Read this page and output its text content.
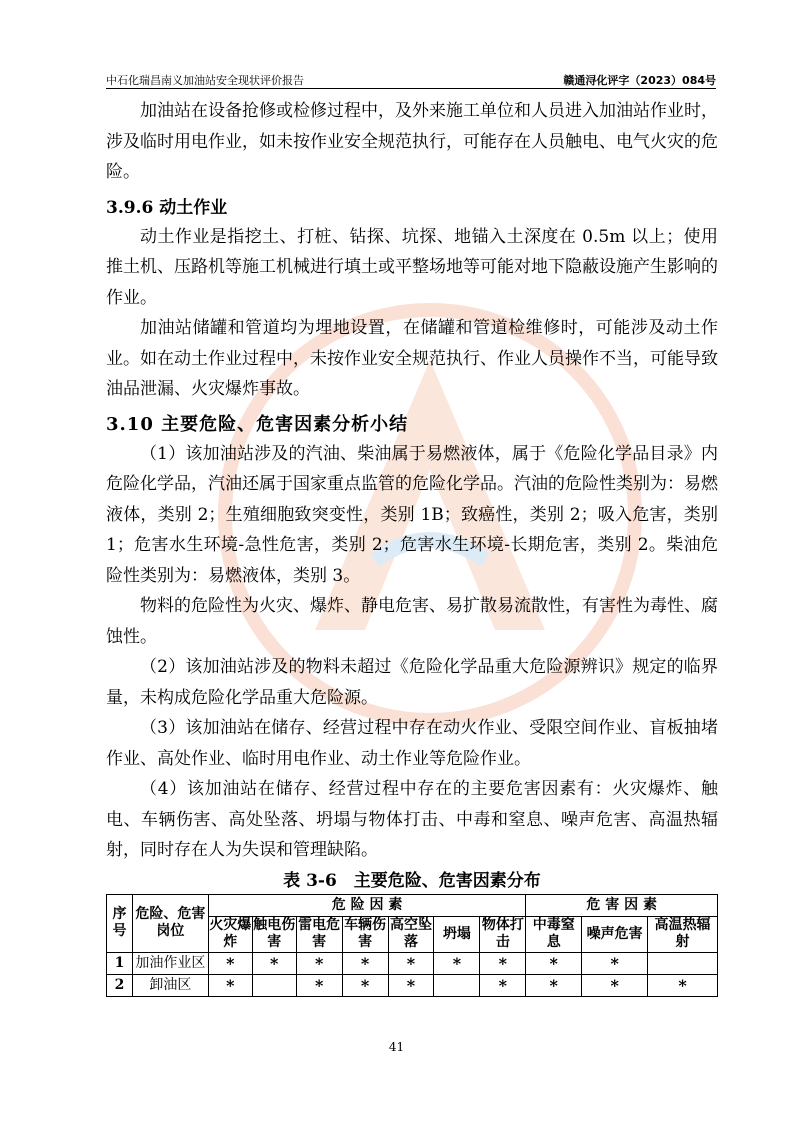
中石化瑞昌南义加油站安全现状评价报告	赣通浔化评字（2023）084号

加油站在设备抢修或检修过程中，及外来施工单位和人员进入加油站作业时，涉及临时用电作业，如未按作业安全规范执行，可能存在人员触电、电气火灾的危险。

3.9.6 动土作业

动土作业是指挖土、打桩、钻探、坑探、地锚入土深度在 0.5m 以上；使用推土机、压路机等施工机械进行填土或平整场地等可能对地下隐蔽设施产生影响的作业。

加油站储罐和管道均为埋地设置，在储罐和管道检维修时，可能涉及动土作业。如在动土作业过程中，未按作业安全规范执行、作业人员操作不当，可能导致油品泄漏、火灾爆炸事故。

3.10 主要危险、危害因素分析小结

（1）该加油站涉及的汽油、柴油属于易燃液体，属于《危险化学品目录》内危险化学品，汽油还属于国家重点监管的危险化学品。汽油的危险性类别为：易燃液体，类别 2；生殖细胞致突变性，类别 1B；致癌性，类别 2；吸入危害，类别 1；危害水生环境-急性危害，类别 2；危害水生环境-长期危害，类别 2。柴油危险性类别为：易燃液体，类别 3。

物料的危险性为火灾、爆炸、静电危害、易扩散易流散性，有害性为毒性、腐蚀性。

（2）该加油站涉及的物料未超过《危险化学品重大危险源辨识》规定的临界量，未构成危险化学品重大危险源。

（3）该加油站在储存、经营过程中存在动火作业、受限空间作业、盲板抽堵作业、高处作业、临时用电作业、动土作业等危险作业。

（4）该加油站在储存、经营过程中存在的主要危害因素有：火灾爆炸、触电、车辆伤害、高处坠落、坍塌与物体打击、中毒和窒息、噪声危害、高温热辐射，同时存在人为失误和管理缺陷。

表 3-6　主要危险、危害因素分布
序号	危险、危害岗位	危 险 因 素							危 害 因 素		
		火灾爆炸	触电伤害	雷电危害	车辆伤害	高空坠落	坍塌	物体打击	中毒窒息	噪声危害	高温热辐射
1	加油作业区	*	*	*	*	*	*	*	*	*	
2	卸油区	*		*	*	*		*	*	*	*
41
